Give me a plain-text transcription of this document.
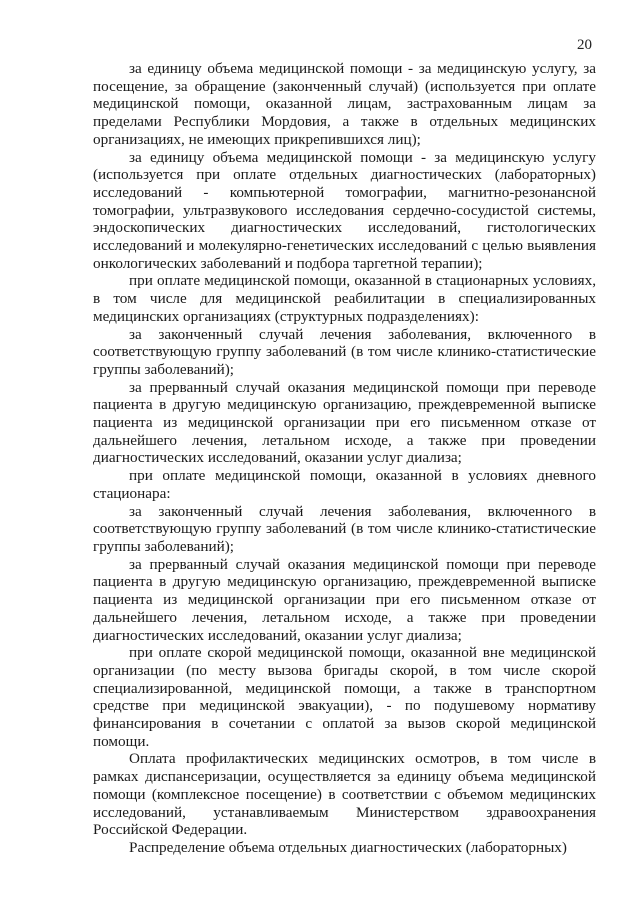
20

за единицу объема медицинской помощи - за медицинскую услугу, за посещение, за обращение (законченный случай) (используется при оплате медицинской помощи, оказанной лицам, застрахованным лицам за пределами Республики Мордовия, а также в отдельных медицинских организациях, не имеющих прикрепившихся лиц);

за единицу объема медицинской помощи - за медицинскую услугу (используется при оплате отдельных диагностических (лабораторных) исследований - компьютерной томографии, магнитно-резонансной томографии, ультразвукового исследования сердечно-сосудистой системы, эндоскопических диагностических исследований, гистологических исследований и молекулярно-генетических исследований с целью выявления онкологических заболеваний и подбора таргетной терапии);

при оплате медицинской помощи, оказанной в стационарных условиях, в том числе для медицинской реабилитации в специализированных медицинских организациях (структурных подразделениях):

за законченный случай лечения заболевания, включенного в соответствующую группу заболеваний (в том числе клинико-статистические группы заболеваний);

за прерванный случай оказания медицинской помощи при переводе пациента в другую медицинскую организацию, преждевременной выписке пациента из медицинской организации при его письменном отказе от дальнейшего лечения, летальном исходе, а также при проведении диагностических исследований, оказании услуг диализа;

при оплате медицинской помощи, оказанной в условиях дневного стационара:

за законченный случай лечения заболевания, включенного в соответствующую группу заболеваний (в том числе клинико-статистические группы заболеваний);

за прерванный случай оказания медицинской помощи при переводе пациента в другую медицинскую организацию, преждевременной выписке пациента из медицинской организации при его письменном отказе от дальнейшего лечения, летальном исходе, а также при проведении диагностических исследований, оказании услуг диализа;

при оплате скорой медицинской помощи, оказанной вне медицинской организации (по месту вызова бригады скорой, в том числе скорой специализированной, медицинской помощи, а также в транспортном средстве при медицинской эвакуации), - по подушевому нормативу финансирования в сочетании с оплатой за вызов скорой медицинской помощи.

Оплата профилактических медицинских осмотров, в том числе в рамках диспансеризации, осуществляется за единицу объема медицинской помощи (комплексное посещение) в соответствии с объемом медицинских исследований, устанавливаемым Министерством здравоохранения Российской Федерации.

Распределение объема отдельных диагностических (лабораторных)
